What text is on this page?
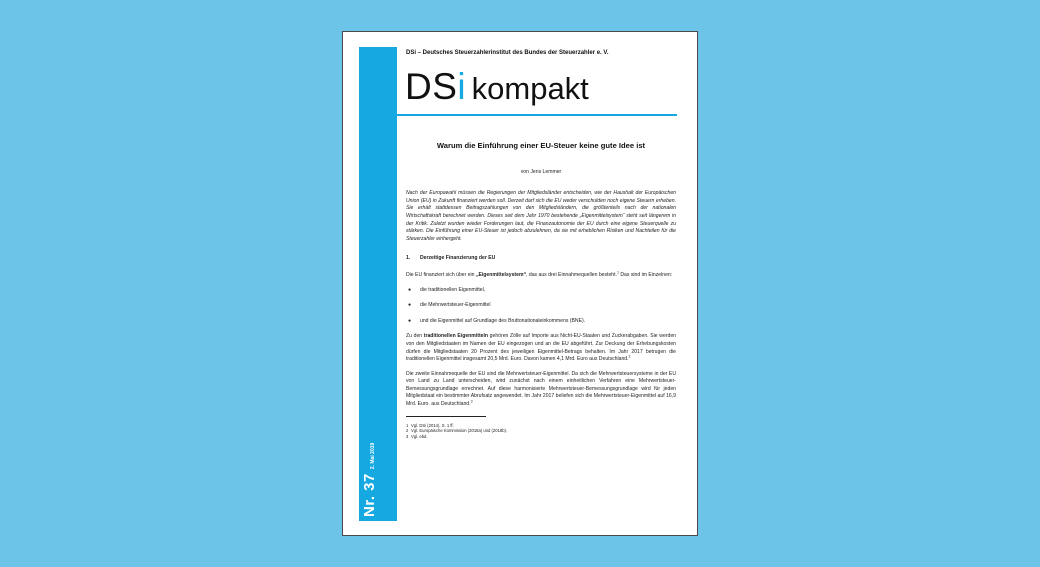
Nr. 372. Mai 2019
DSi – Deutsches Steuerzahlerinstitut des Bundes der Steuerzahler e. V.
DSi kompakt
Warum die Einführung einer EU-Steuer keine gute Idee ist
von Jens Lemmer
Nach der Europawahl müssen die Regierungen der Mitgliedsländer entscheiden, wie der Haushalt der Europäischen Union (EU) in Zukunft finanziert werden soll. Derzeit darf sich die EU weder verschulden noch eigene Steuern erheben. Sie erhält stattdessen Beitragszahlungen von den Mitgliedsländern, die größtenteils nach der nationalen Wirtschaftskraft berechnet werden. Dieses seit dem Jahr 1970 bestehende „Eigenmittelsystem“ steht seit längerem in der Kritik. Zuletzt wurden wieder Forderungen laut, die Finanzautonomie der EU durch eine eigene Steuerquelle zu stärken. Die Einführung einer EU-Steuer ist jedoch abzulehnen, da sie mit erheblichen Risiken und Nachteilen für die Steuerzahler einhergeht.
1. Derzeitige Finanzierung der EU

Die EU finanziert sich über ein „Eigenmittelsystem“, das aus drei Einnahmequellen besteht.$^1$ Das sind im Einzelnen:

● die traditionellen Eigenmittel,
● die Mehrwertsteuer-Eigenmittel
● und die Eigenmittel auf Grundlage des Bruttonationaleinkommens (BNE).

Zu den traditionellen Eigenmitteln gehören Zölle auf Importe aus Nicht-EU-Staaten und Zuckerabgaben. Sie werden von den Mitgliedstaaten im Namen der EU eingezogen und an die EU abgeführt. Zur Deckung der Erhebungskosten dürfen die Mitgliedstaaten 20 Prozent des jeweiligen Eigenmittel-Betrags behalten. Im Jahr 2017 betrugen die traditionellen Eigenmittel insgesamt 20,5 Mrd. Euro. Davon kamen 4,1 Mrd. Euro aus Deutschland.$^2$

Die zweite Einnahmequelle der EU sind die Mehrwertsteuer-Eigenmittel. Da sich die Mehrwertsteuersysteme in der EU von Land zu Land unterscheiden, wird zunächst nach einem einheitlichen Verfahren eine Mehrwertsteuer-Bemessungsgrundlage errechnet. Auf diese harmonisierte Mehrwertsteuer-Bemessungsgrundlage wird für jeden Mitgliedstaat ein bestimmter Abrufsatz angewendet. Im Jahr 2017 beliefen sich die Mehrwertsteuer-Eigenmittel auf 16,9 Mrd. Euro. aus Deutschland.$^3$

1 Vgl. DSi (2014), S. 1 ff.
2 Vgl. Europäische Kommission (2018a) und (2018b).
3 Vgl. ebd.
